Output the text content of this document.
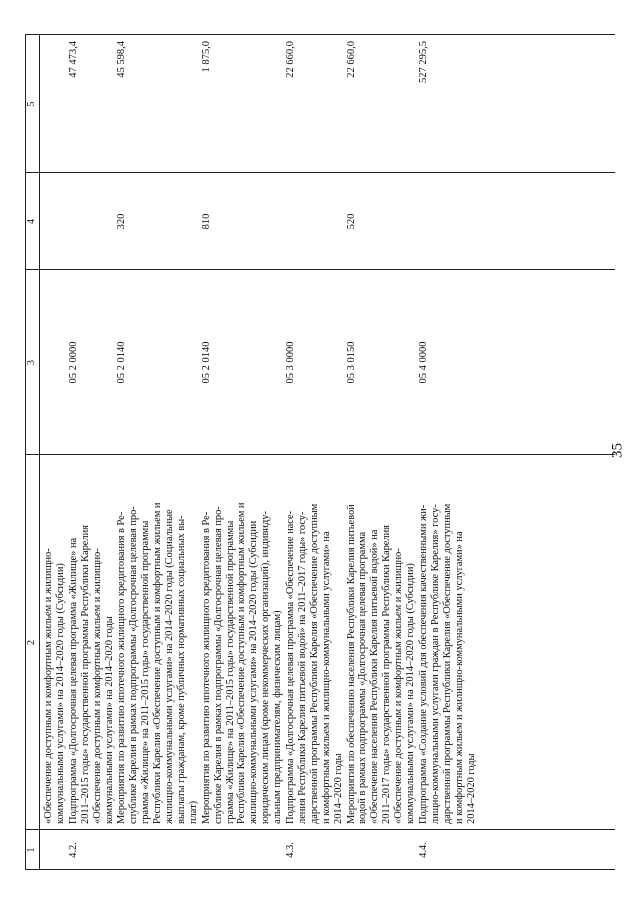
35
1
2
3
4
5
«Обеспечение доступным и комфортным жильем и жилищно- коммунальными услугами» на 2014–2020 годы (Субсидии)
4.2.
Подпрограмма «Долгосрочная целевая программа «Жилище» на 2011–2015 годы» государственной программы Республики Карелия «Обеспечение доступным и комфортным жильем и жилищно- коммунальными услугами» на 2014–2020 годы
05 2 0000
47 473,4
Мероприятия по развитию ипотечного жилищного кредитования в Ре- спублике Карелия в рамках подпрограммы «Долгосрочная целевая про- грамма «Жилище» на 2011–2015 годы» государственной программы Республики Карелия «Обеспечение доступным и комфортным жильем и жилищно-коммунальными услугами» на 2014–2020 годы (Социальные выплаты гражданам, кроме публичных нормативных социальных вы- плат)
05 2 0140
320
45 598,4
Мероприятия по развитию ипотечного жилищного кредитования в Ре- спублике Карелия в рамках подпрограммы «Долгосрочная целевая про- грамма «Жилище» на 2011–2015 годы» государственной программы Республики Карелия «Обеспечение доступным и комфортным жильем и жилищно-коммунальными услугами» на 2014–2020 годы (Субсидии юридическим лицам (кроме некоммерческих организаций), индивиду- альным предпринимателям, физическим лицам)
05 2 0140
810
1 875,0
4.3.
Подпрограмма «Долгосрочная целевая программа «Обеспечение насе- ления Республики Карелия питьевой водой» на 2011–2017 годы» госу- дарственной программы Республики Карелия «Обеспечение доступным и комфортным жильем и жилищно-коммунальными услугами» на 2014–2020 годы
05 3 0000
22 660,0
Мероприятия по обеспечению населения Республики Карелия питьевой водой в рамках подпрограммы «Долгосрочная целевая программа «Обеспечение населения Республики Карелия питьевой водой» на 2011–2017 годы» государственной программы Республики Карелия «Обеспечение доступным и комфортным жильем и жилищно- коммунальными услугами» на 2014–2020 годы (Субсидии)
05 3 0150
520
22 660,0
4.4.
Подпрограмма «Создание условий для обеспечения качественными жи- лищно-коммунальными услугами граждан в Республике Карелия» госу- дарственной программы Республики Карелия «Обеспечение доступным и комфортным жильем и жилищно-коммунальными услугами» на 2014–2020 годы
05 4 0000
527 295,5
